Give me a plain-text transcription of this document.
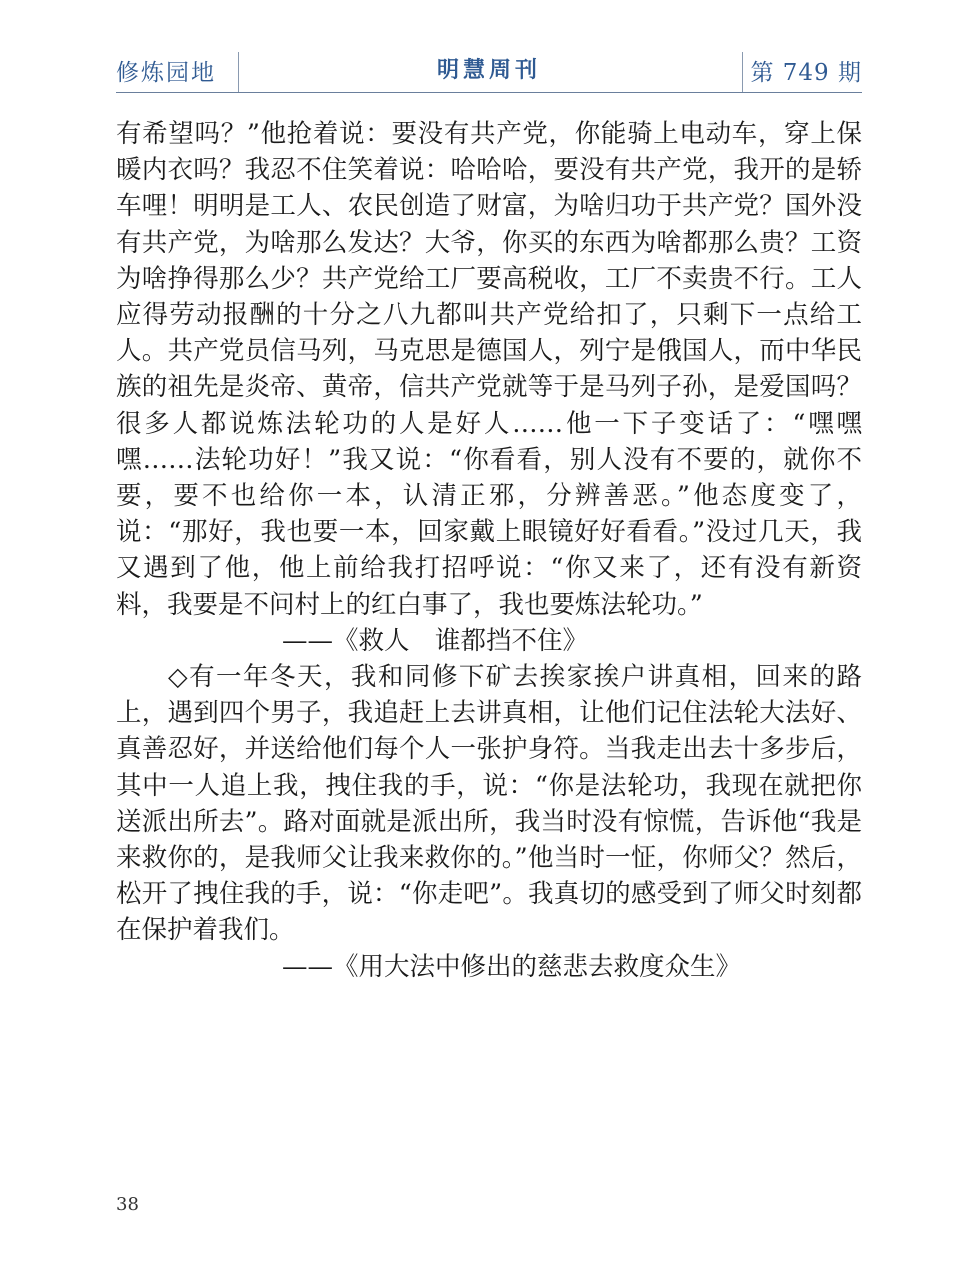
修炼园地	明慧周刊	第 749 期

有希望吗？”他抢着说：要没有共产党，你能骑上电动车，穿上保暖内衣吗？我忍不住笑着说：哈哈哈，要没有共产党，我开的是轿车哩！明明是工人、农民创造了财富，为啥归功于共产党？国外没有共产党，为啥那么发达？大爷，你买的东西为啥都那么贵？工资为啥挣得那么少？共产党给工厂要高税收，工厂不卖贵不行。工人应得劳动报酬的十分之八九都叫共产党给扣了，只剩下一点给工人。共产党员信马列，马克思是德国人，列宁是俄国人，而中华民族的祖先是炎帝、黄帝，信共产党就等于是马列子孙，是爱国吗？很多人都说炼法轮功的人是好人……他一下子变话了：“嘿嘿嘿……法轮功好！”我又说：“你看看，别人没有不要的，就你不要，要不也给你一本，认清正邪，分辨善恶。”他态度变了，说：“那好，我也要一本，回家戴上眼镜好好看看。”没过几天，我又遇到了他，他上前给我打招呼说：“你又来了，还有没有新资料，我要是不问村上的红白事了，我也要炼法轮功。”

——《救人　谁都挡不住》

◇有一年冬天，我和同修下矿去挨家挨户讲真相，回来的路上，遇到四个男子，我追赶上去讲真相，让他们记住法轮大法好、真善忍好，并送给他们每个人一张护身符。当我走出去十多步后，其中一人追上我，拽住我的手，说：“你是法轮功，我现在就把你送派出所去”。路对面就是派出所，我当时没有惊慌，告诉他“我是来救你的，是我师父让我来救你的。”他当时一怔，你师父？然后，松开了拽住我的手，说：“你走吧”。我真切的感受到了师父时刻都在保护着我们。

——《用大法中修出的慈悲去救度众生》

38
